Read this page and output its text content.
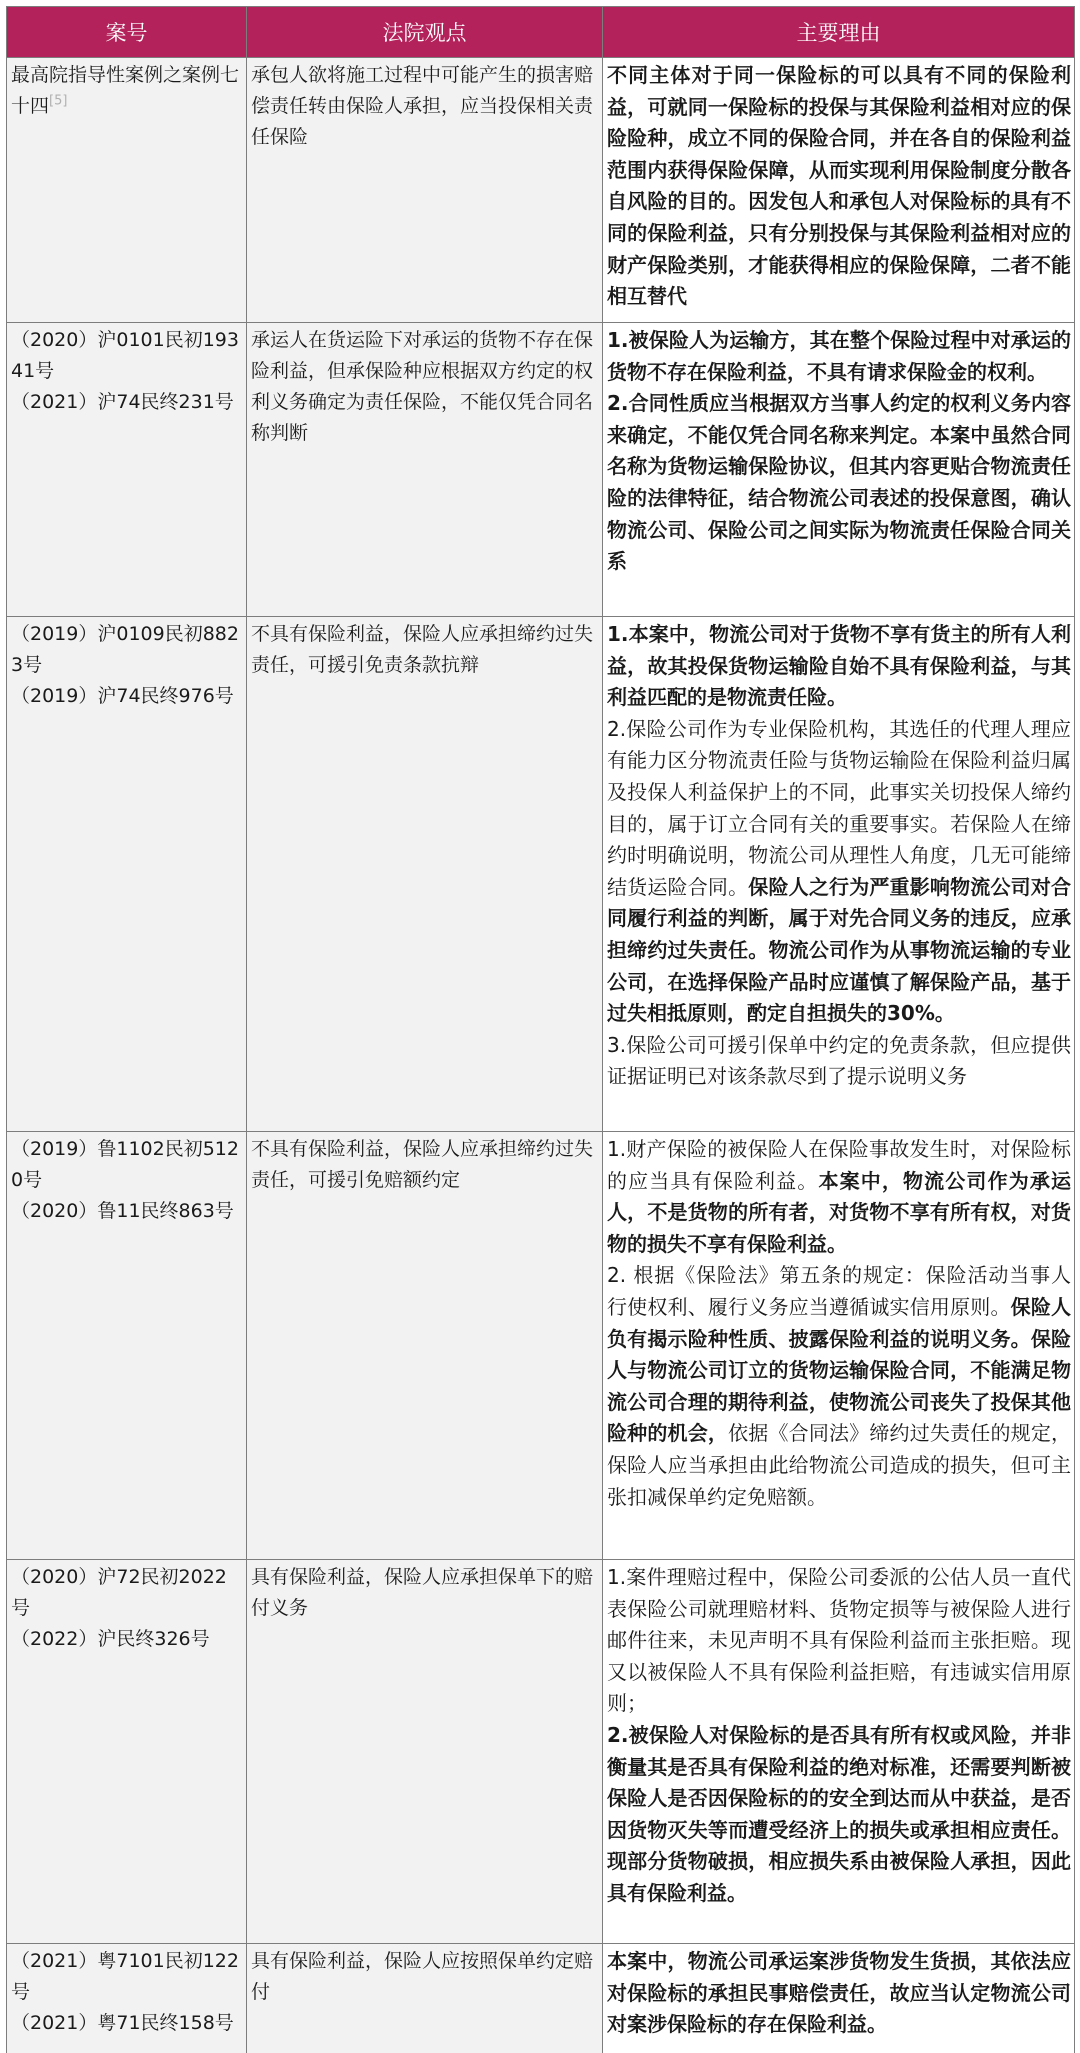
案号	法院观点	主要理由

最高院指导性案例之案例七十四[5]	承包人欲将施工过程中可能产生的损害赔偿责任转由保险人承担，应当投保相关责任保险	不同主体对于同一保险标的可以具有不同的保险利益，可就同一保险标的投保与其保险利益相对应的保险险种，成立不同的保险合同，并在各自的保险利益范围内获得保险保障，从而实现利用保险制度分散各自风险的目的。因发包人和承包人对保险标的具有不同的保险利益，只有分别投保与其保险利益相对应的财产保险类别，才能获得相应的保险保障，二者不能相互替代

（2020）沪0101民初19341号
（2021）沪74民终231号	承运人在货运险下对承运的货物不存在保险利益，但承保险种应根据双方约定的权利义务确定为责任保险，不能仅凭合同名称判断	1.被保险人为运输方，其在整个保险过程中对承运的货物不存在保险利益，不具有请求保险金的权利。
2.合同性质应当根据双方当事人约定的权利义务内容来确定，不能仅凭合同名称来判定。本案中虽然合同名称为货物运输保险协议，但其内容更贴合物流责任险的法律特征，结合物流公司表述的投保意图，确认物流公司、保险公司之间实际为物流责任保险合同关系

（2019）沪0109民初8823号
（2019）沪74民终976号	不具有保险利益，保险人应承担缔约过失责任，可援引免责条款抗辩	1.本案中，物流公司对于货物不享有货主的所有人利益，故其投保货物运输险自始不具有保险利益，与其利益匹配的是物流责任险。
2.保险公司作为专业保险机构，其选任的代理人理应有能力区分物流责任险与货物运输险在保险利益归属及投保人利益保护上的不同，此事实关切投保人缔约目的，属于订立合同有关的重要事实。若保险人在缔约时明确说明，物流公司从理性人角度，几无可能缔结货运险合同。保险人之行为严重影响物流公司对合同履行利益的判断，属于对先合同义务的违反，应承担缔约过失责任。物流公司作为从事物流运输的专业公司，在选择保险产品时应谨慎了解保险产品，基于过失相抵原则，酌定自担损失的30%。
3.保险公司可援引保单中约定的免责条款，但应提供证据证明已对该条款尽到了提示说明义务

（2019）鲁1102民初5120号
（2020）鲁11民终863号	不具有保险利益，保险人应承担缔约过失责任，可援引免赔额约定	1.财产保险的被保险人在保险事故发生时，对保险标的应当具有保险利益。本案中，物流公司作为承运人，不是货物的所有者，对货物不享有所有权，对货物的损失不享有保险利益。
2. 根据《保险法》第五条的规定：保险活动当事人行使权利、履行义务应当遵循诚实信用原则。保险人负有揭示险种性质、披露保险利益的说明义务。保险人与物流公司订立的货物运输保险合同，不能满足物流公司合理的期待利益，使物流公司丧失了投保其他险种的机会，依据《合同法》缔约过失责任的规定，保险人应当承担由此给物流公司造成的损失，但可主张扣减保单约定免赔额。

（2020）沪72民初2022号
（2022）沪民终326号	具有保险利益，保险人应承担保单下的赔付义务	1.案件理赔过程中，保险公司委派的公估人员一直代表保险公司就理赔材料、货物定损等与被保险人进行邮件往来，未见声明不具有保险利益而主张拒赔。现又以被保险人不具有保险利益拒赔，有违诚实信用原则；
2.被保险人对保险标的是否具有所有权或风险，并非衡量其是否具有保险利益的绝对标准，还需要判断被保险人是否因保险标的的安全到达而从中获益，是否因货物灭失等而遭受经济上的损失或承担相应责任。现部分货物破损，相应损失系由被保险人承担，因此具有保险利益。

（2021）粤7101民初122号
（2021）粤71民终158号	具有保险利益，保险人应按照保单约定赔付	本案中，物流公司承运案涉货物发生货损，其依法应对保险标的承担民事赔偿责任，故应当认定物流公司对案涉保险标的存在保险利益。
